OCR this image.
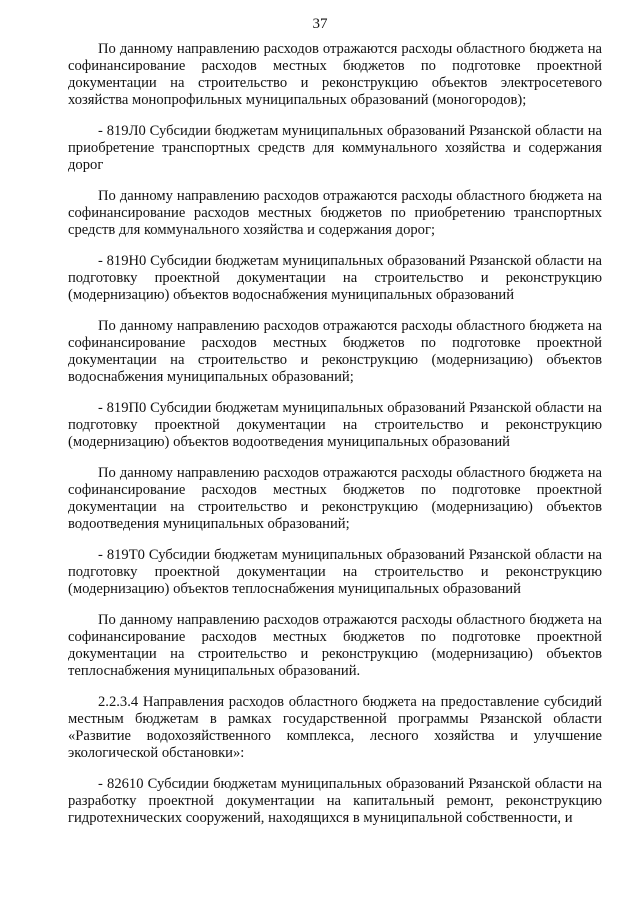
37

По данному направлению расходов отражаются расходы областного бюджета на софинансирование расходов местных бюджетов по подготовке проектной документации на строительство и реконструкцию объектов электросетевого хозяйства монопрофильных муниципальных образований (моногородов);

- 819Л0 Субсидии бюджетам муниципальных образований Рязанской области на приобретение транспортных средств для коммунального хозяйства и содержания дорог

По данному направлению расходов отражаются расходы областного бюджета на софинансирование расходов местных бюджетов по приобретению транспортных средств для коммунального хозяйства и содержания дорог;

- 819Н0 Субсидии бюджетам муниципальных образований Рязанской области на подготовку проектной документации на строительство и реконструкцию (модернизацию) объектов водоснабжения муниципальных образований

По данному направлению расходов отражаются расходы областного бюджета на софинансирование расходов местных бюджетов по подготовке проектной документации на строительство и реконструкцию (модернизацию) объектов водоснабжения муниципальных образований;

- 819П0 Субсидии бюджетам муниципальных образований Рязанской области на подготовку проектной документации на строительство и реконструкцию (модернизацию) объектов водоотведения муниципальных образований

По данному направлению расходов отражаются расходы областного бюджета на софинансирование расходов местных бюджетов по подготовке проектной документации на строительство и реконструкцию (модернизацию) объектов водоотведения муниципальных образований;

- 819Т0 Субсидии бюджетам муниципальных образований Рязанской области на подготовку проектной документации на строительство и реконструкцию (модернизацию) объектов теплоснабжения муниципальных образований

По данному направлению расходов отражаются расходы областного бюджета на софинансирование расходов местных бюджетов по подготовке проектной документации на строительство и реконструкцию (модернизацию) объектов теплоснабжения муниципальных образований.

2.2.3.4 Направления расходов областного бюджета на предоставление субсидий местным бюджетам в рамках государственной программы Рязанской области «Развитие водохозяйственного комплекса, лесного хозяйства и улучшение экологической обстановки»:

- 82610 Субсидии бюджетам муниципальных образований Рязанской области на разработку проектной документации на капитальный ремонт, реконструкцию гидротехнических сооружений, находящихся в муниципальной собственности, и
